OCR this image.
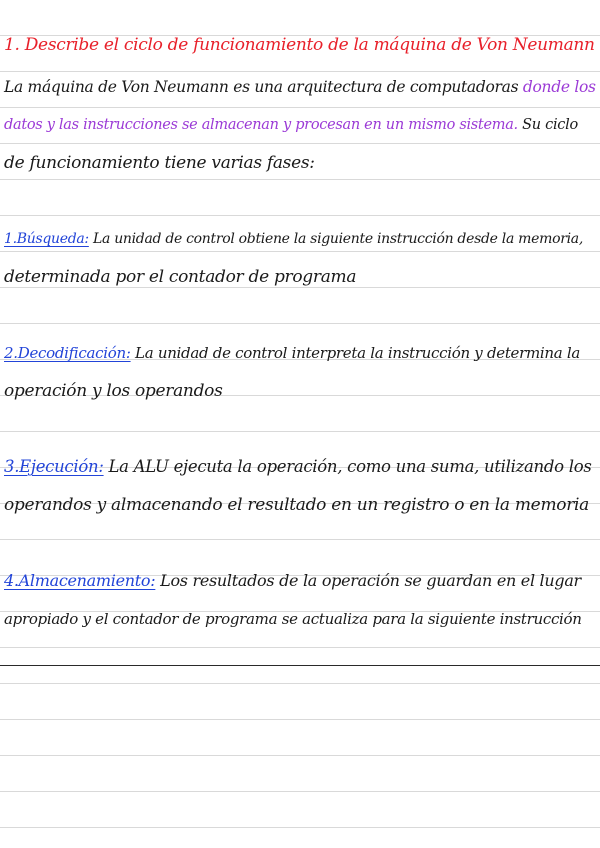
1. Describe el ciclo de funcionamiento de la máquina de Von Neumann
La máquina de Von Neumann es una arquitectura de computadoras donde los
datos y las instrucciones se almacenan y procesan en un mismo sistema. Su ciclo
de funcionamiento tiene varias fases:
1.Búsqueda: La unidad de control obtiene la siguiente instrucción desde la memoria,
determinada por el contador de programa
2.Decodificación: La unidad de control interpreta la instrucción y determina la
operación y los operandos
3.Ejecución: La ALU ejecuta la operación, como una suma, utilizando los
operandos y almacenando el resultado en un registro o en la memoria
4.Almacenamiento: Los resultados de la operación se guardan en el lugar
apropiado y el contador de programa se actualiza para la siguiente instrucción
